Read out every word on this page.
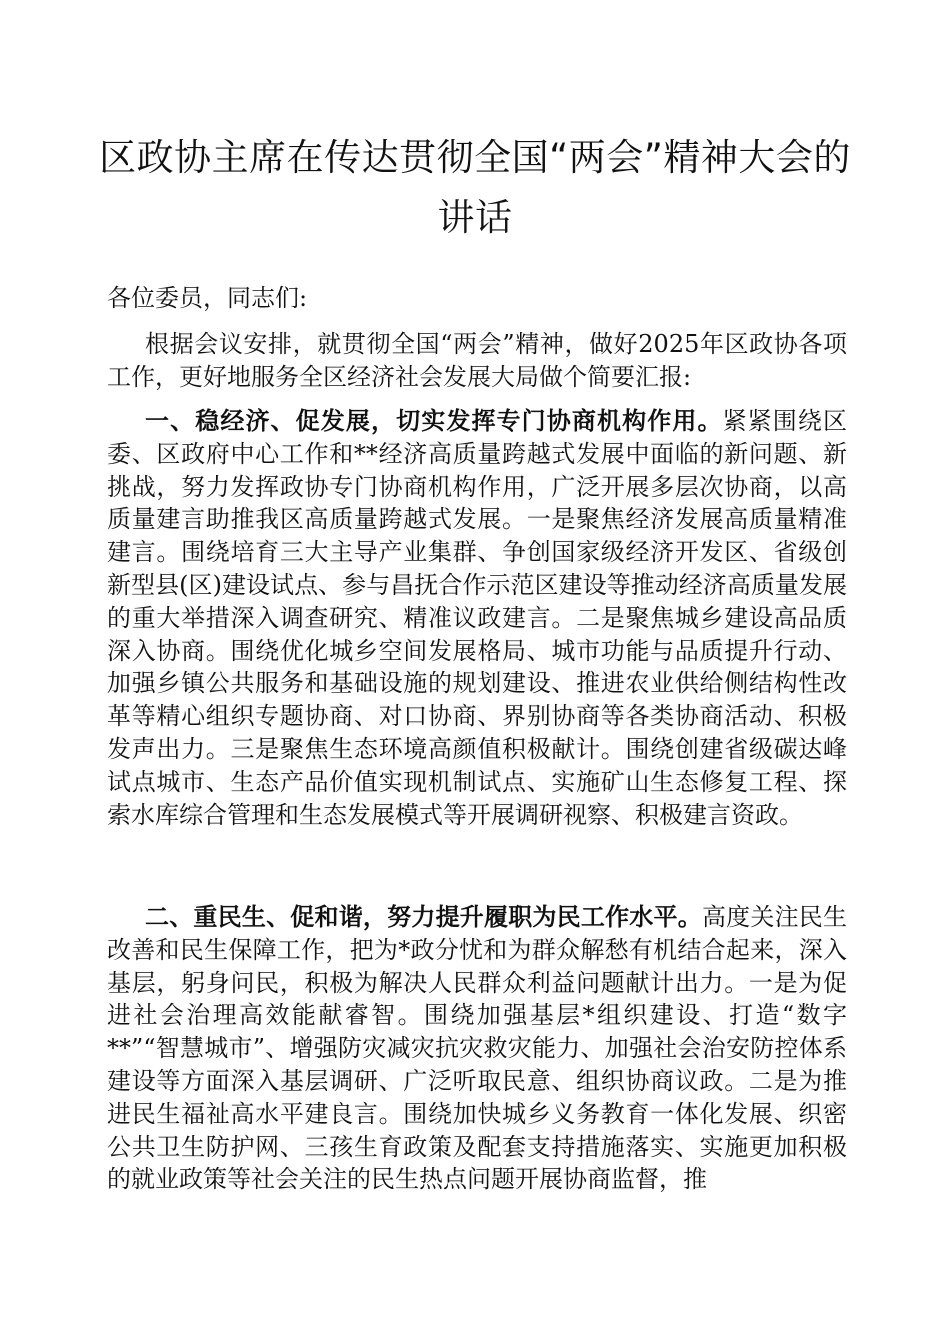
区政协主席在传达贯彻全国“两会”精神大会的
讲话
各位委员，同志们:

根据会议安排，就贯彻全国“两会”精神，做好2025年区政协各项工作，更好地服务全区经济社会发展大局做个简要汇报:

一、稳经济、促发展，切实发挥专门协商机构作用。紧紧围绕区委、区政府中心工作和**经济高质量跨越式发展中面临的新问题、新挑战，努力发挥政协专门协商机构作用，广泛开展多层次协商，以高质量建言助推我区高质量跨越式发展。一是聚焦经济发展高质量精准建言。围绕培育三大主导产业集群、争创国家级经济开发区、省级创新型县(区)建设试点、参与昌抚合作示范区建设等推动经济高质量发展的重大举措深入调查研究、精准议政建言。二是聚焦城乡建设高品质深入协商。围绕优化城乡空间发展格局、城市功能与品质提升行动、加强乡镇公共服务和基础设施的规划建设、推进农业供给侧结构性改革等精心组织专题协商、对口协商、界别协商等各类协商活动、积极发声出力。三是聚焦生态环境高颜值积极献计。围绕创建省级碳达峰试点城市、生态产品价值实现机制试点、实施矿山生态修复工程、探索水库综合管理和生态发展模式等开展调研视察、积极建言资政。

二、重民生、促和谐，努力提升履职为民工作水平。高度关注民生改善和民生保障工作，把为*政分忧和为群众解愁有机结合起来，深入基层，躬身问民，积极为解决人民群众利益问题献计出力。一是为促进社会治理高效能献睿智。围绕加强基层*组织建设、打造“数字**”“智慧城市”、增强防灾减灾抗灾救灾能力、加强社会治安防控体系建设等方面深入基层调研、广泛听取民意、组织协商议政。二是为推进民生福祉高水平建良言。围绕加快城乡义务教育一体化发展、织密公共卫生防护网、三孩生育政策及配套支持措施落实、实施更加积极的就业政策等社会关注的民生热点问题开展协商监督，推
